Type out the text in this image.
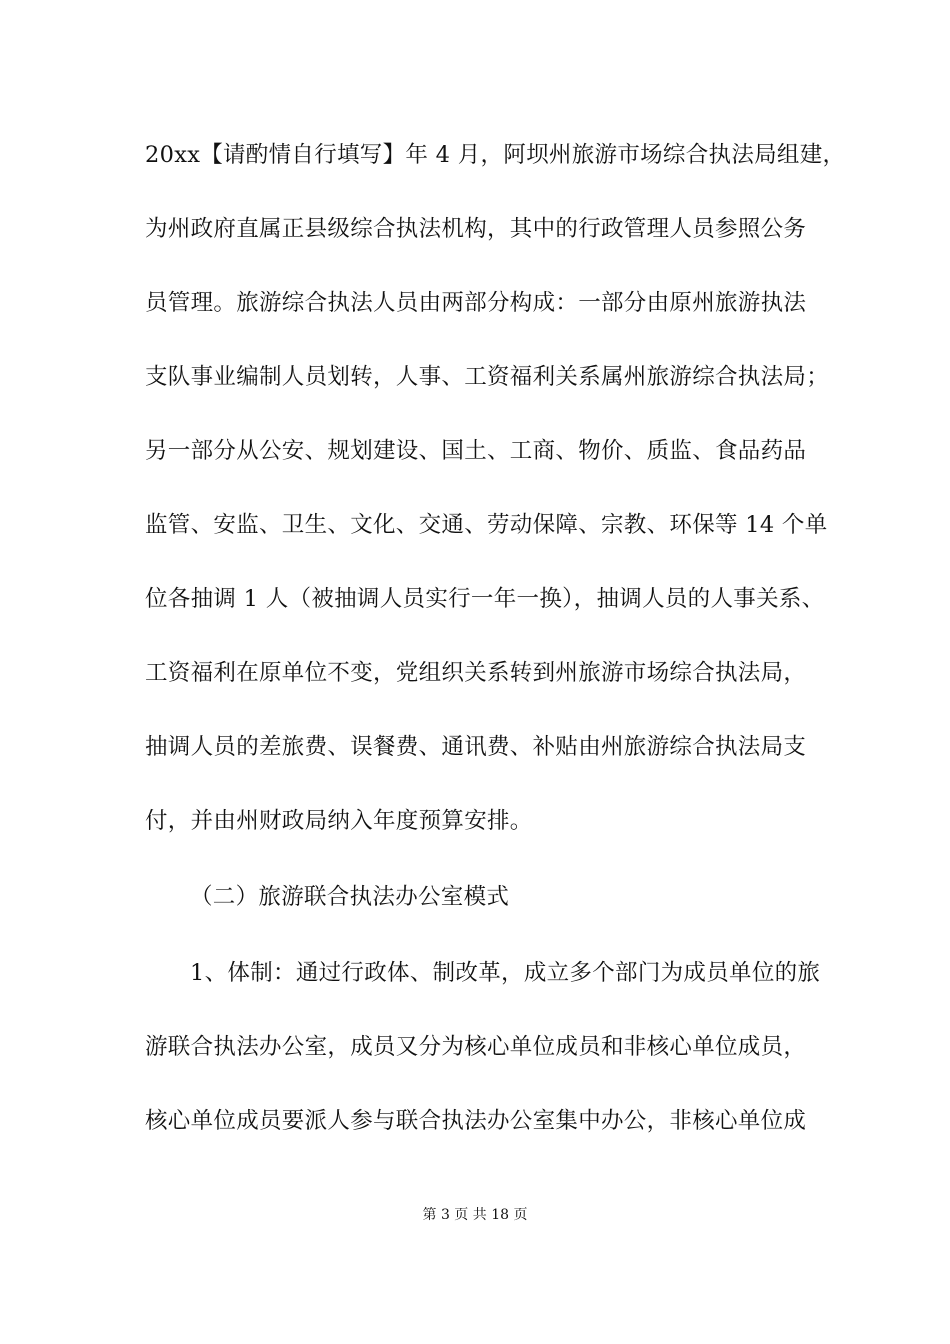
20xx【请酌情自行填写】年 4 月，阿坝州旅游市场综合执法局组建，
为州政府直属正县级综合执法机构，其中的行政管理人员参照公务
员管理。旅游综合执法人员由两部分构成：一部分由原州旅游执法
支队事业编制人员划转，人事、工资福利关系属州旅游综合执法局；
另一部分从公安、规划建设、国土、工商、物价、质监、食品药品
监管、安监、卫生、文化、交通、劳动保障、宗教、环保等 14 个单
位各抽调 1 人（被抽调人员实行一年一换），抽调人员的人事关系、
工资福利在原单位不变，党组织关系转到州旅游市场综合执法局，
抽调人员的差旅费、误餐费、通讯费、补贴由州旅游综合执法局支
付，并由州财政局纳入年度预算安排。
（二）旅游联合执法办公室模式
1、体制：通过行政体、制改革，成立多个部门为成员单位的旅
游联合执法办公室，成员又分为核心单位成员和非核心单位成员，
核心单位成员要派人参与联合执法办公室集中办公，非核心单位成
第 3 页 共 18 页
